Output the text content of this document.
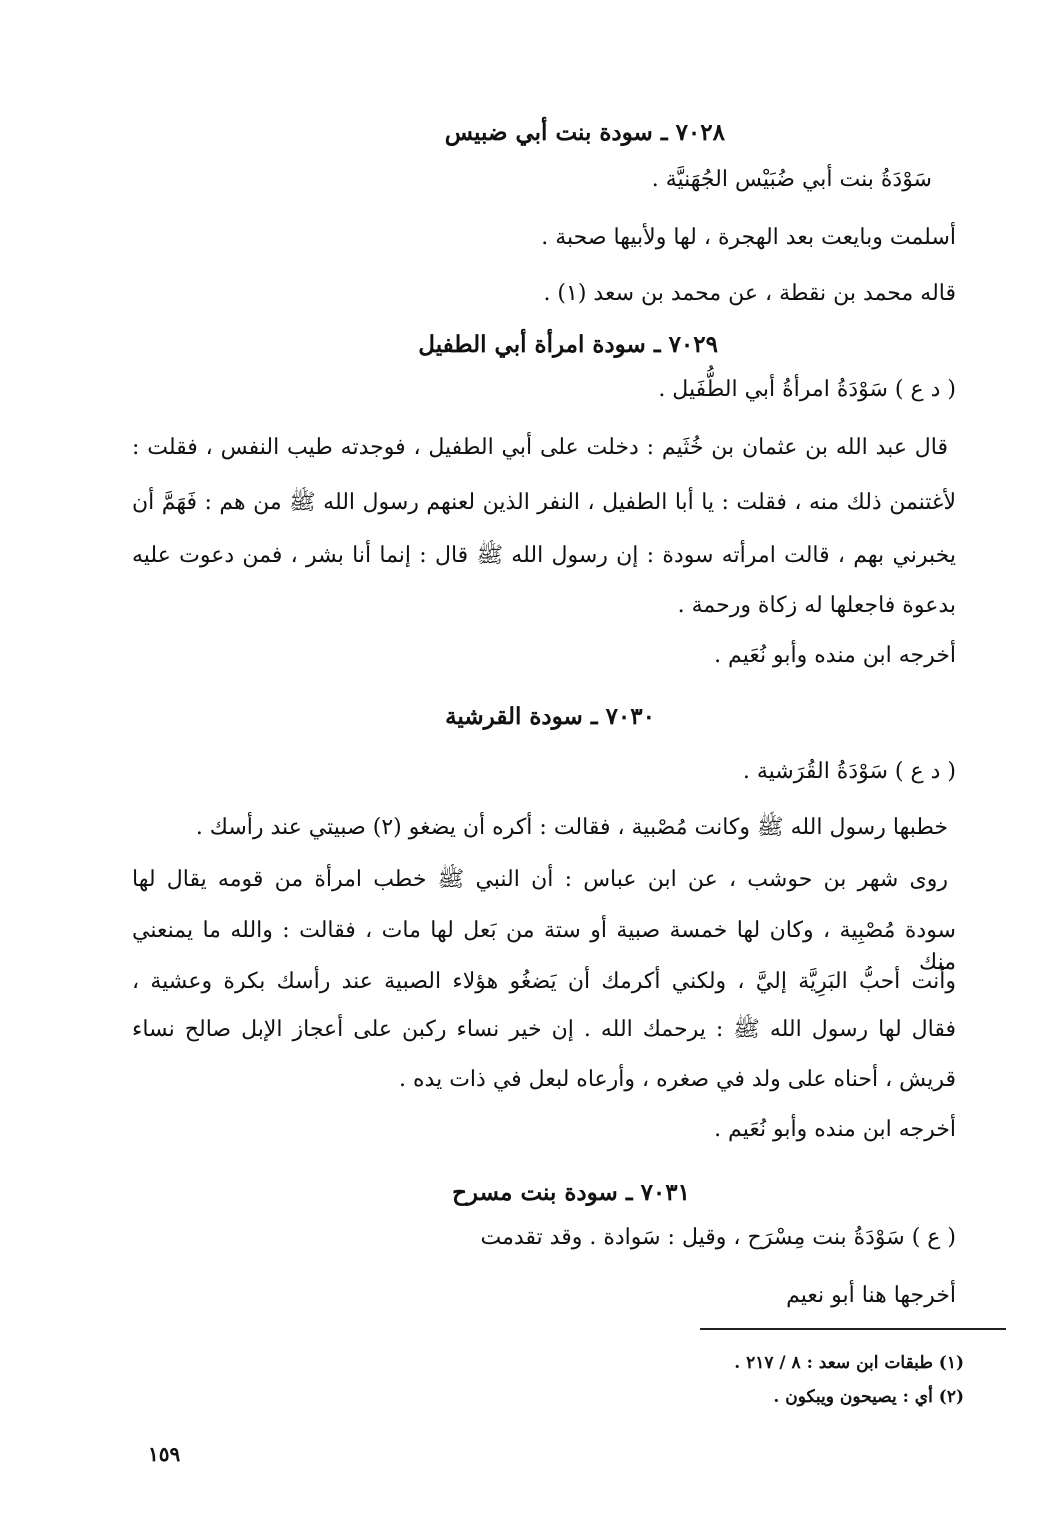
٧٠٢٨ ـ سودة بنت أبي ضبيس
سَوْدَةُ بنت أبي ضُبَيْس الجُهَنيَّة .
أسلمت وبايعت بعد الهجرة ، لها ولأبيها صحبة .
قاله محمد بن نقطة ، عن محمد بن سعد (١) .
٧٠٢٩ ـ سودة امرأة أبي الطفيل
( د ع ) سَوْدَةُ امرأةُ أبي الطُّفَيل .
قال عبد الله بن عثمان بن خُثَيم : دخلت على أبي الطفيل ، فوجدته طيب النفس ، فقلت :
لأغتنمن ذلك منه ، فقلت : يا أبا الطفيل ، النفر الذين لعنهم رسول الله ﷺ من هم : فَهَمَّ أن
يخبرني بهم ، قالت امرأته سودة : إن رسول الله ﷺ قال : إنما أنا بشر ، فمن دعوت عليه
بدعوة فاجعلها له زكاة ورحمة .
أخرجه ابن منده وأبو نُعَيم .
٧٠٣٠ ـ سودة القرشية
( د ع ) سَوْدَةُ القُرَشية .
خطبها رسول الله ﷺ وكانت مُصْبية ، فقالت : أكره أن يضغو (٢) صبيتي عند رأسك .
روى شهر بن حوشب ، عن ابن عباس : أن النبي ﷺ خطب امرأة من قومه يقال لها
سودة مُصْبِية ، وكان لها خمسة صبية أو ستة من بَعل لها مات ، فقالت : والله ما يمنعني منك
وأنت أحبُّ البَرِيَّة إليَّ ، ولكني أكرمك أن يَضغُو هؤلاء الصبية عند رأسك بكرة وعشية ،
فقال لها رسول الله ﷺ : يرحمك الله . إن خير نساء ركبن على أعجاز الإبل صالح نساء
قريش ، أحناه على ولد في صغره ، وأرعاه لبعل في ذات يده .
أخرجه ابن منده وأبو نُعَيم .
٧٠٣١ ـ سودة بنت مسرح
( ع ) سَوْدَةُ بنت مِسْرَح ، وقيل : سَوادة . وقد تقدمت
أخرجها هنا أبو نعيم
(١) طبقات ابن سعد : ٨ / ٢١٧ .
(٢) أي : يصيحون ويبكون .
١٥٩
